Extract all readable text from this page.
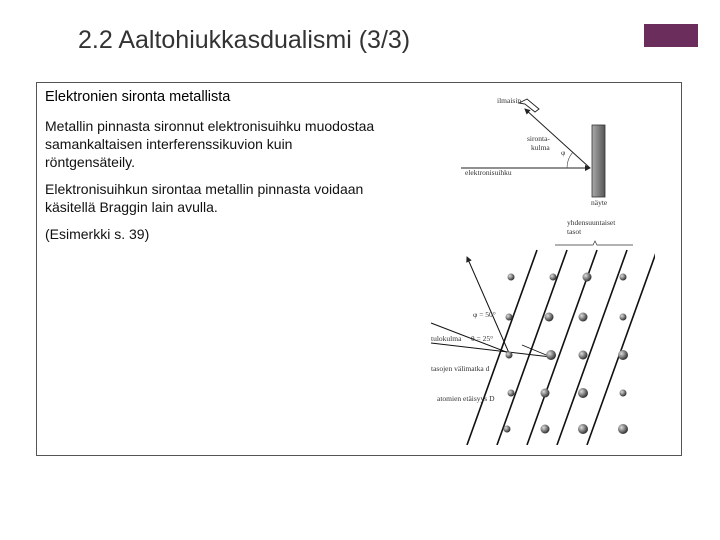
2.2 Aaltohiukkasdualismi (3/3)
Elektronien sironta metallista
Metallin pinnasta sironnut elektronisuihku muodostaa samankaltaisen interferenssikuvion kuin röntgensäteily.
Elektronisuihkun sirontaa metallin pinnasta voidaan käsitellä Braggin lain avulla.
(Esimerkki s. 39)
ilmaisin
sironta-kulma
φ
elektronisuihku
näyte
yhdensuuntaiset tasot
φ = 50°
tulokulma θ = 25°
tasojen välimatka d
atomien etäisyys D
